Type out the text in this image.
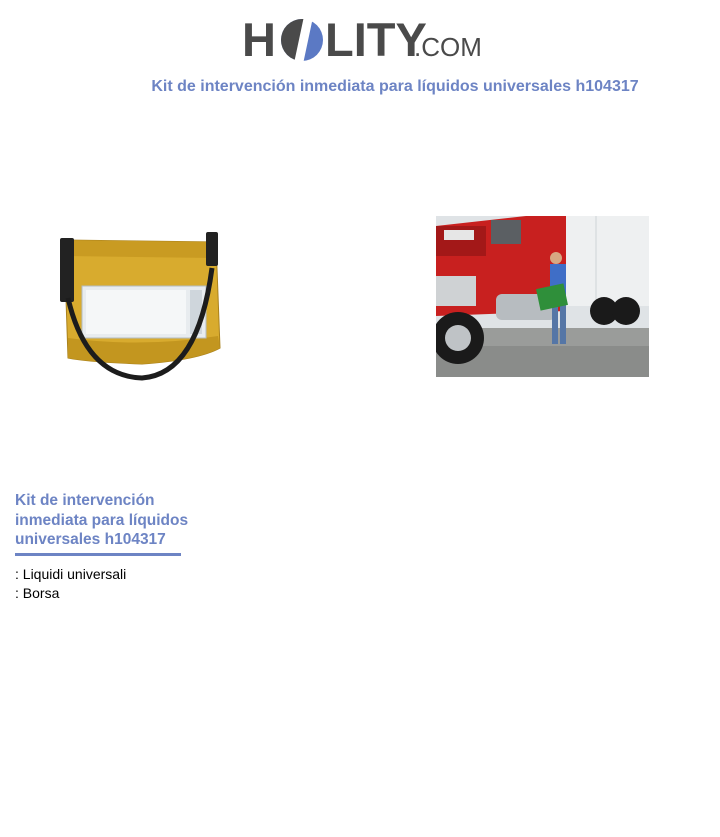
H LITY
.COM
Kit de intervención inmediata para líquidos universales h104317
Kit de intervención
inmediata para líquidos
universales h104317
: Liquidi universali
: Borsa
